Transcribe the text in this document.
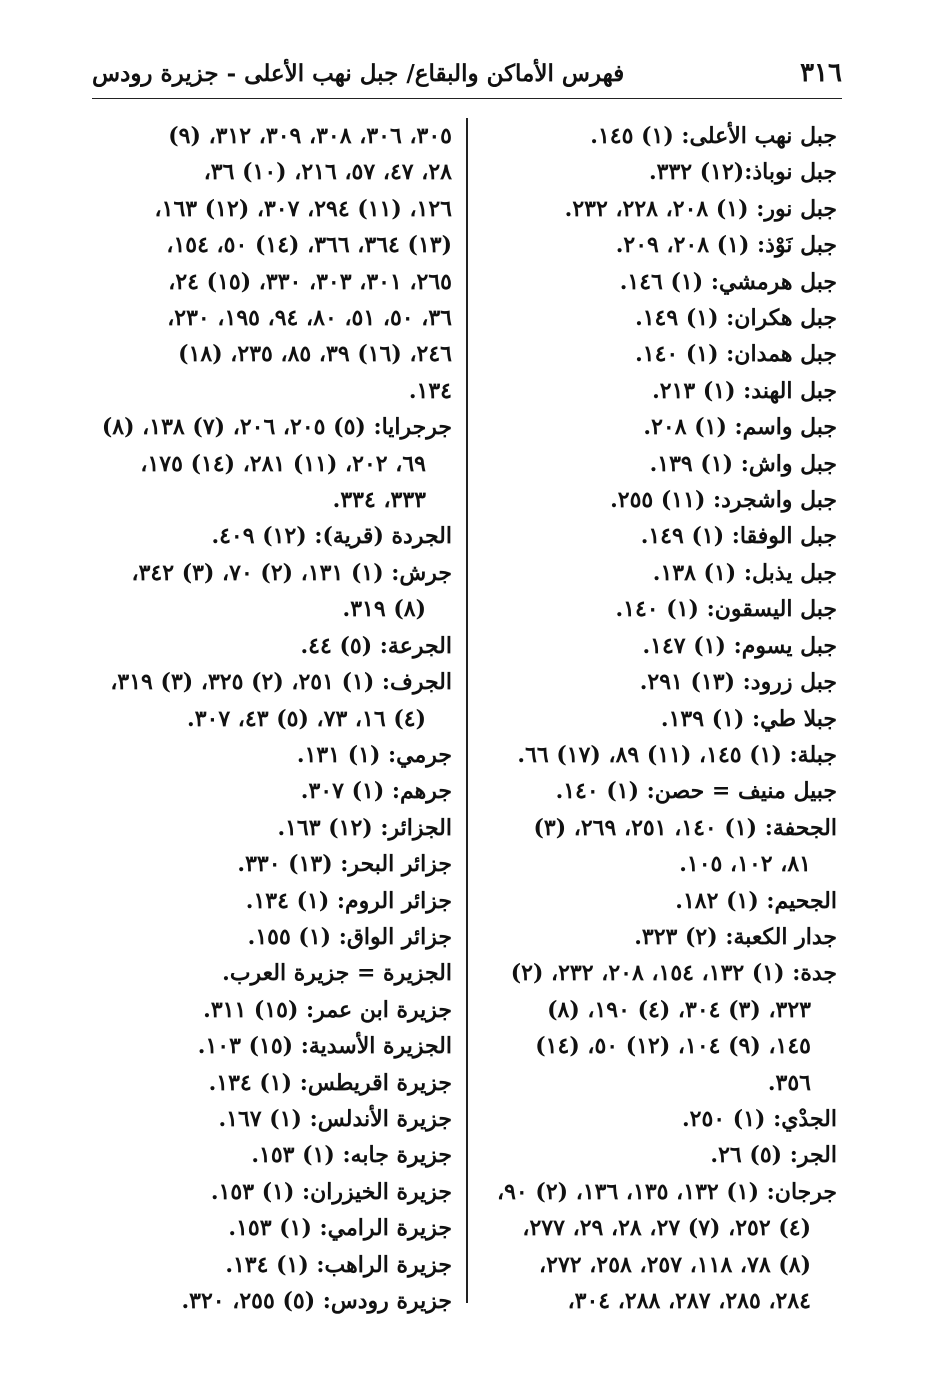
٣١٦
فهرس الأماكن والبقاع/ جبل نهب الأعلى - جزيرة رودس
جبل نهب الأعلى: (١) ١٤٥.
جبل نوباذ:(١٢) ٣٣٢.
جبل نور: (١) ٢٠٨، ٢٢٨، ٢٣٢.
جبل نَوْذ: (١) ٢٠٨، ٢٠٩.
جبل هرمشي: (١) ١٤٦.
جبل هكران: (١) ١٤٩.
جبل همدان: (١) ١٤٠.
جبل الهند: (١) ٢١٣.
جبل واسم: (١) ٢٠٨.
جبل واش: (١) ١٣٩.
جبل واشجرد: (١١) ٢٥٥.
جبل الوفقا: (١) ١٤٩.
جبل يذبل: (١) ١٣٨.
جبل اليسقون: (١) ١٤٠.
جبل يسوم: (١) ١٤٧.
جبل زرود: (١٣) ٢٩١.
جبلا طي: (١) ١٣٩.
جبلة: (١) ١٤٥، (١١) ٨٩، (١٧) ٦٦.
جبيل منيف = حصن: (١) ١٤٠.
الجحفة: (١) ١٤٠، ٢٥١، ٢٦٩، (٣)
٨١، ١٠٢، ١٠٥.
الجحيم: (١) ١٨٢.
جدار الكعبة: (٢) ٣٢٣.
جدة: (١) ١٣٢، ١٥٤، ٢٠٨، ٢٣٢، (٢)
٣٢٣، (٣) ٣٠٤، (٤) ١٩٠، (٨)
١٤٥، (٩) ١٠٤، (١٢) ٥٠، (١٤)
٣٥٦.
الجدْي: (١) ٢٥٠.
الجر: (٥) ٢٦.
جرجان: (١) ١٣٢، ١٣٥، ١٣٦، (٢) ٩٠،
(٤) ٢٥٢، (٧) ٢٧، ٢٨، ٢٩، ٢٧٧،
(٨) ٧٨، ١١٨، ٢٥٧، ٢٥٨، ٢٧٢،
٢٨٤، ٢٨٥، ٢٨٧، ٢٨٨، ٣٠٤،
٣٠٥، ٣٠٦، ٣٠٨، ٣٠٩، ٣١٢، (٩)
٢٨، ٤٧، ٥٧، ٢١٦، (١٠) ٣٦،
١٢٦، (١١) ٢٩٤، ٣٠٧، (١٢) ١٦٣،
(١٣) ٣٦٤، ٣٦٦، (١٤) ٥٠، ١٥٤،
٢٦٥، ٣٠١، ٣٠٣، ٣٣٠، (١٥) ٢٤،
٣٦، ٥٠، ٥١، ٨٠، ٩٤، ١٩٥، ٢٣٠،
٢٤٦، (١٦) ٣٩، ٨٥، ٢٣٥، (١٨)
١٣٤.
جرجرايا: (٥) ٢٠٥، ٢٠٦، (٧) ١٣٨، (٨)
٦٩، ٢٠٢، (١١) ٢٨١، (١٤) ١٧٥،
٣٣٣، ٣٣٤.
الجردة (قرية): (١٢) ٤٠٩.
جرش: (١) ١٣١، (٢) ٧٠، (٣) ٣٤٢،
(٨) ٣١٩.
الجرعة: (٥) ٤٤.
الجرف: (١) ٢٥١، (٢) ٣٢٥، (٣) ٣١٩،
(٤) ١٦، ٧٣، (٥) ٤٣، ٣٠٧.
جرمي: (١) ١٣١.
جرهم: (١) ٣٠٧.
الجزائر: (١٢) ١٦٣.
جزائر البحر: (١٣) ٣٣٠.
جزائر الروم: (١) ١٣٤.
جزائر الواق: (١) ١٥٥.
الجزيرة = جزيرة العرب.
جزيرة ابن عمر: (١٥) ٣١١.
الجزيرة الأسدية: (١٥) ١٠٣.
جزيرة اقريطس: (١) ١٣٤.
جزيرة الأندلس: (١) ١٦٧.
جزيرة جابه: (١) ١٥٣.
جزيرة الخيزران: (١) ١٥٣.
جزيرة الرامي: (١) ١٥٣.
جزيرة الراهب: (١) ١٣٤.
جزيرة رودس: (٥) ٢٥٥، ٣٢٠.
